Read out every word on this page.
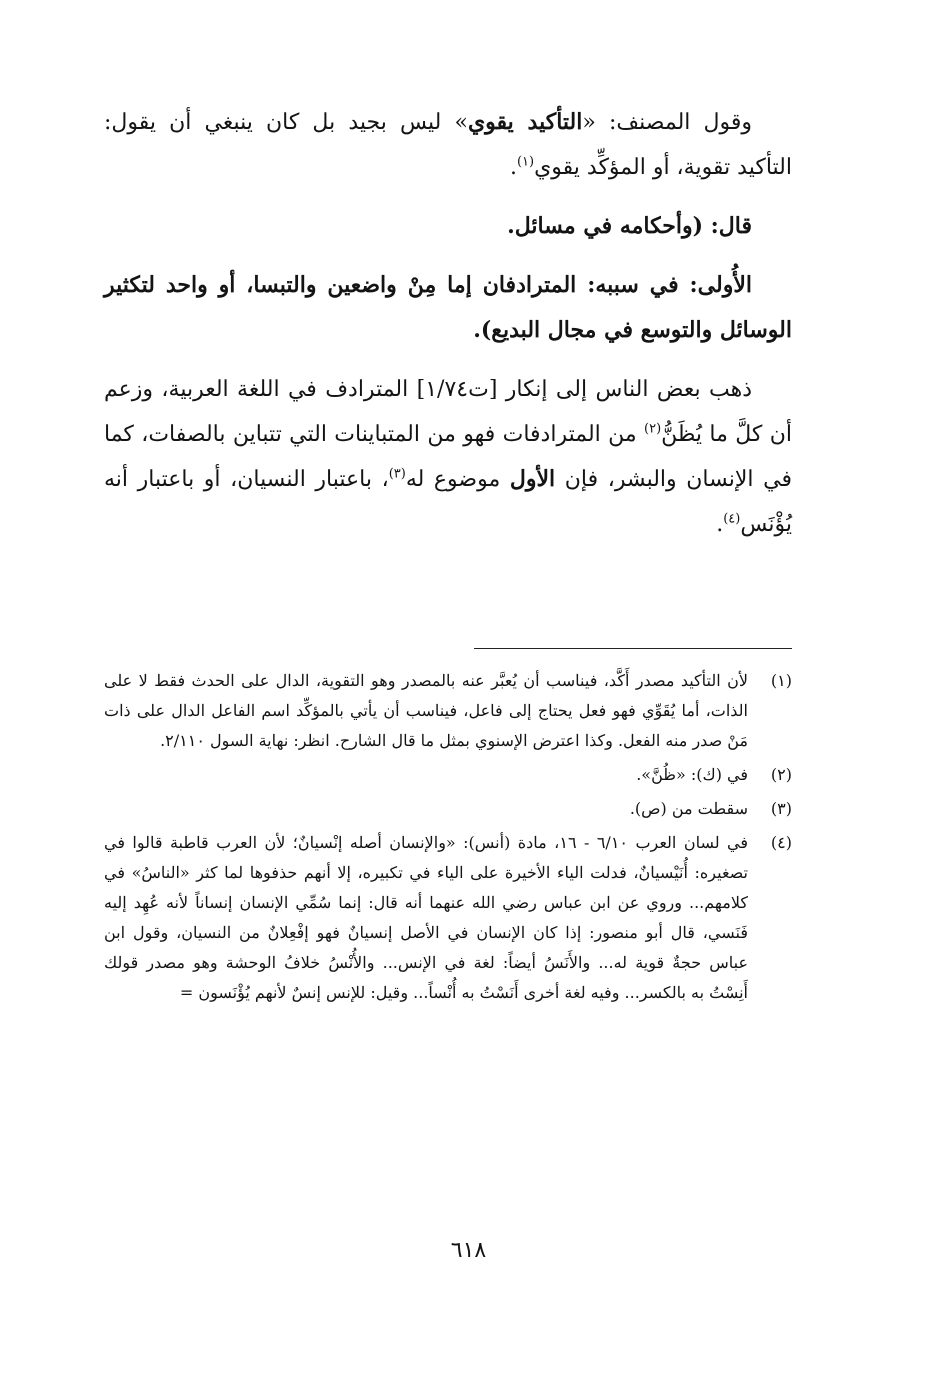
وقول المصنف: «التأكيد يقوي» ليس بجيد بل كان ينبغي أن يقول: التأكيد تقوية، أو المؤكِّد يقوي$^{(١)}$.

قال: (وأحكامه في مسائل.

الأُولى: في سببه: المترادفان إما مِنْ واضعين والتبسا، أو واحد لتكثير الوسائل والتوسع في مجال البديع).

ذهب بعض الناس إلى إنكار [ت١/٧٤] المترادف في اللغة العربية، وزعم أن كلَّ ما يُظَنُّ$^{(٢)}$ من المترادفات فهو من المتباينات التي تتباين بالصفات، كما في الإنسان والبشر، فإن الأول موضوع له$^{(٣)}$، باعتبار النسيان، أو باعتبار أنه يُؤْنَس$^{(٤)}$.

(١)
لأن التأكيد مصدر أَكَّد، فيناسب أن يُعبَّر عنه بالمصدر وهو التقوية، الدال على الحدث فقط لا على الذات، أما يُقَوِّي فهو فعل يحتاج إلى فاعل، فيناسب أن يأتي بالمؤكِّد اسم الفاعل الدال على ذات مَنْ صدر منه الفعل. وكذا اعترض الإسنوي بمثل ما قال الشارح. انظر: نهاية السول ٢/١١٠.
(٢)
في (ك): «ظُنَّ».
(٣)
سقطت من (ص).
(٤)
في لسان العرب ٦/١٠ - ١٦، مادة (أنس): «والإنسان أصله إنْسيانٌ؛ لأن العرب قاطبة قالوا في تصغيره: أُنَيْسيانٌ، فدلت الياء الأخيرة على الياء في تكبيره، إلا أنهم حذفوها لما كثر «الناسُ» في كلامهم... وروي عن ابن عباس رضي الله عنهما أنه قال: إنما سُمِّي الإنسان إنساناً لأنه عُهِد إليه فَنَسي، قال أبو منصور: إذا كان الإنسان في الأصل إنسيانٌ فهو إفْعِلانٌ من النسيان، وقول ابن عباس حجةٌ قوية له... والأَنَسُ أيضاً: لغة في الإنس... والأُنْسُ خلافُ الوحشة وهو مصدر قولك أَنِسْتُ به بالكسر... وفيه لغة أخرى أَنَسْتُ به أُنْساً... وقيل: للإنس إنسٌ لأنهم يُؤْنَسون =
٦١٨
